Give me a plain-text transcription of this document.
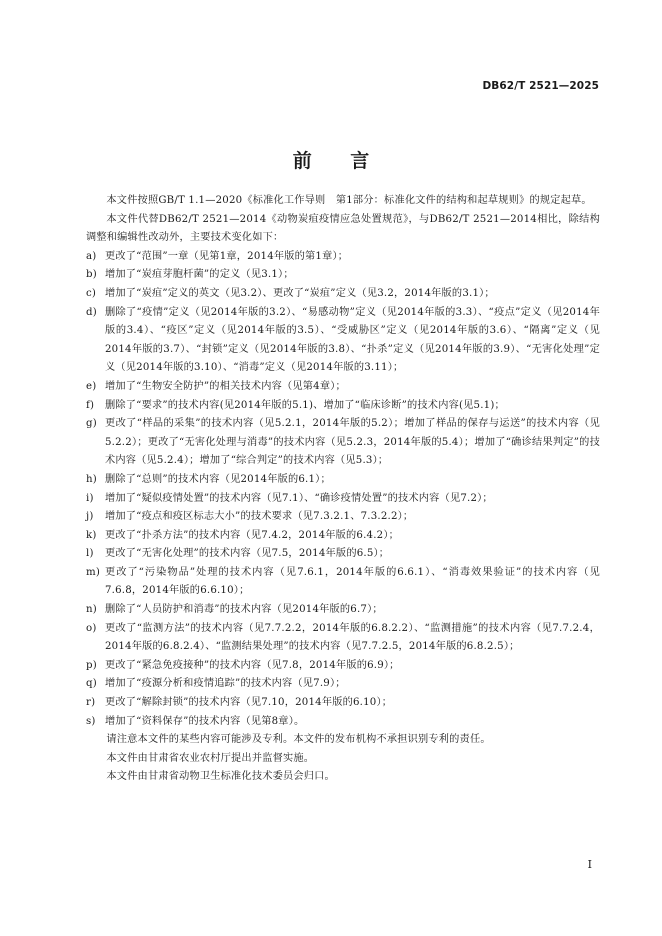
DB62/T 2521—2025
前 言

本文件按照GB/T 1.1—2020《标准化工作导则　第1部分：标准化文件的结构和起草规则》的规定起草。

本文件代替DB62/T 2521—2014《动物炭疽疫情应急处置规范》，与DB62/T 2521—2014相比，除结构调整和编辑性改动外，主要技术变化如下：

a) 更改了“范围”一章（见第1章，2014年版的第1章）；
b) 增加了“炭疽芽胞杆菌”的定义（见3.1）；
c) 增加了“炭疽”定义的英文（见3.2）、更改了“炭疽”定义（见3.2，2014年版的3.1）；
d) 删除了“疫情”定义（见2014年版的3.2）、“易感动物”定义（见2014年版的3.3）、“疫点”定义（见2014年版的3.4）、“疫区”定义（见2014年版的3.5）、“受威胁区”定义（见2014年版的3.6）、“隔离”定义（见2014年版的3.7）、“封锁”定义（见2014年版的3.8）、“扑杀”定义（见2014年版的3.9）、“无害化处理”定义（见2014年版的3.10）、“消毒”定义（见2014年版的3.11）；
e) 增加了“生物安全防护”的相关技术内容（见第4章）；
f) 删除了“要求”的技术内容(见2014年版的5.1)、增加了“临床诊断”的技术内容(见5.1)；
g) 更改了“样品的采集”的技术内容（见5.2.1，2014年版的5.2）；增加了样品的保存与运送”的技术内容（见5.2.2）；更改了“无害化处理与消毒”的技术内容（见5.2.3，2014年版的5.4）；增加了“确诊结果判定”的技术内容（见5.2.4）；增加了“综合判定”的技术内容（见5.3）；
h) 删除了“总则”的技术内容（见2014年版的6.1）；
i) 增加了“疑似疫情处置”的技术内容（见7.1）、“确诊疫情处置”的技术内容（见7.2）；
j) 增加了“疫点和疫区标志大小”的技术要求（见7.3.2.1、7.3.2.2）；
k) 更改了“扑杀方法”的技术内容（见7.4.2，2014年版的6.4.2）；
l) 更改了“无害化处理”的技术内容（见7.5，2014年版的6.5）；
m) 更改了“污染物品”处理的技术内容（见7.6.1，2014年版的6.6.1）、“消毒效果验证”的技术内容（见7.6.8，2014年版的6.6.10）；
n) 删除了“人员防护和消毒”的技术内容（见2014年版的6.7）；
o) 更改了“监测方法”的技术内容（见7.7.2.2，2014年版的6.8.2.2）、“监测措施”的技术内容（见7.7.2.4，2014年版的6.8.2.4）、“监测结果处理”的技术内容（见7.7.2.5，2014年版的6.8.2.5）；
p) 更改了“紧急免疫接种”的技术内容（见7.8，2014年版的6.9）；
q) 增加了“疫源分析和疫情追踪”的技术内容（见7.9）；
r) 更改了“解除封锁”的技术内容（见7.10，2014年版的6.10）；
s) 增加了“资料保存”的技术内容（见第8章）。

请注意本文件的某些内容可能涉及专利。本文件的发布机构不承担识别专利的责任。

本文件由甘肃省农业农村厅提出并监督实施。

本文件由甘肃省动物卫生标准化技术委员会归口。

I
